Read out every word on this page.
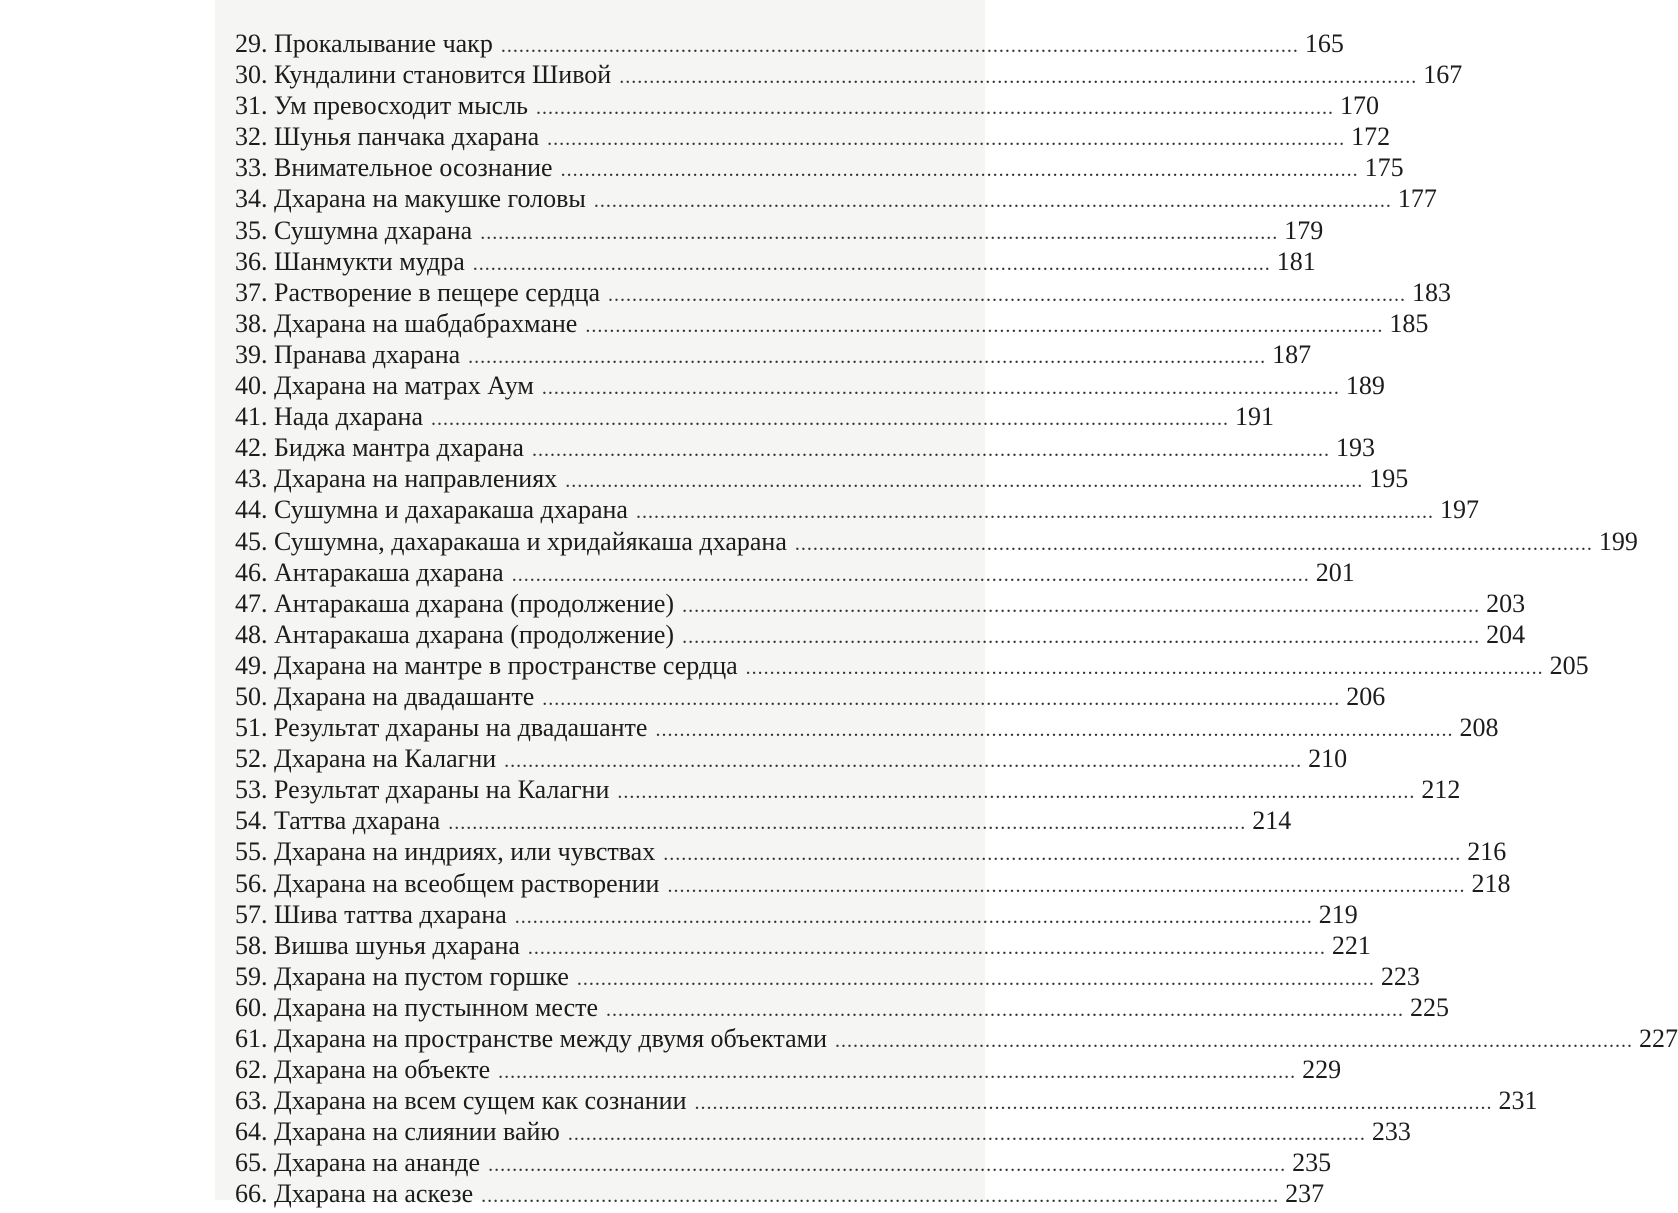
29. Прокалывание чакр ..................................................................................................................................... 165
30. Кундалини становится Шивой ..................................................................................................................................... 167
31. Ум превосходит мысль ..................................................................................................................................... 170
32. Шунья панчака дхарана ..................................................................................................................................... 172
33. Внимательное осознание ..................................................................................................................................... 175
34. Дхарана на макушке головы ..................................................................................................................................... 177
35. Сушумна дхарана ..................................................................................................................................... 179
36. Шанмукти мудра ..................................................................................................................................... 181
37. Растворение в пещере сердца ..................................................................................................................................... 183
38. Дхарана на шабдабрахмане ..................................................................................................................................... 185
39. Пранава дхарана ..................................................................................................................................... 187
40. Дхарана на матрах Аум ..................................................................................................................................... 189
41. Нада дхарана ..................................................................................................................................... 191
42. Биджа мантра дхарана ..................................................................................................................................... 193
43. Дхарана на направлениях ..................................................................................................................................... 195
44. Сушумна и дахаракаша дхарана ..................................................................................................................................... 197
45. Сушумна, дахаракаша и хридайякаша дхарана ..................................................................................................................................... 199
46. Антаракаша дхарана ..................................................................................................................................... 201
47. Антаракаша дхарана (продолжение) ..................................................................................................................................... 203
48. Антаракаша дхарана (продолжение) ..................................................................................................................................... 204
49. Дхарана на мантре в пространстве сердца ..................................................................................................................................... 205
50. Дхарана на двадашанте ..................................................................................................................................... 206
51. Результат дхараны на двадашанте ..................................................................................................................................... 208
52. Дхарана на Калагни ..................................................................................................................................... 210
53. Результат дхараны на Калагни ..................................................................................................................................... 212
54. Таттва дхарана ..................................................................................................................................... 214
55. Дхарана на индриях, или чувствах ..................................................................................................................................... 216
56. Дхарана на всеобщем растворении ..................................................................................................................................... 218
57. Шива таттва дхарана ..................................................................................................................................... 219
58. Вишва шунья дхарана ..................................................................................................................................... 221
59. Дхарана на пустом горшке ..................................................................................................................................... 223
60. Дхарана на пустынном месте ..................................................................................................................................... 225
61. Дхарана на пространстве между двумя объектами ..................................................................................................................................... 227
62. Дхарана на объекте ..................................................................................................................................... 229
63. Дхарана на всем сущем как сознании ..................................................................................................................................... 231
64. Дхарана на слиянии вайю ..................................................................................................................................... 233
65. Дхарана на ананде ..................................................................................................................................... 235
66. Дхарана на аскезе ..................................................................................................................................... 237
